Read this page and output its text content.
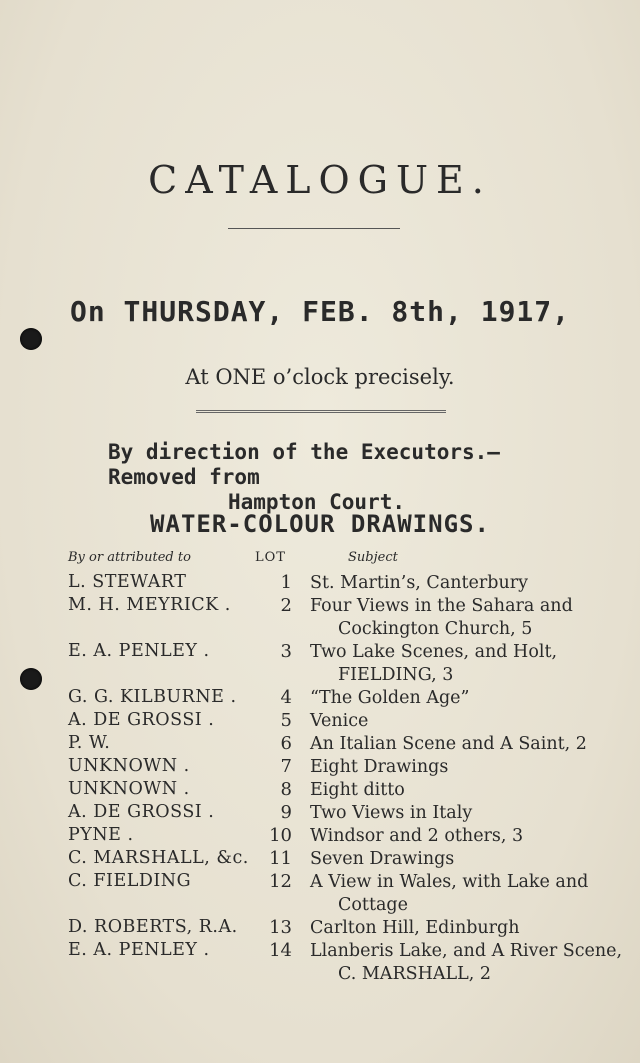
CATALOGUE.
On THURSDAY, FEB. 8th, 1917,
At ONE o’clock precisely.
By direction of the Executors.—Removed from
Hampton Court.
WATER-COLOUR DRAWINGS.
By or attributed to	LOT	Subject
L. STEWART	1 St. Martin’s, Canterbury
M. H. MEYRICK .	2 Four Views in the Sahara and
Cockington Church, 5
E. A. PENLEY .	3 Two Lake Scenes, and Holt,
FIELDING, 3
G. G. KILBURNE .	4 “The Golden Age”
A. DE GROSSI .	5 Venice
P. W.	6 An Italian Scene and A Saint, 2
UNKNOWN .	7 Eight Drawings
UNKNOWN .	8 Eight ditto
A. DE GROSSI .	9 Two Views in Italy
PYNE .	10 Windsor and 2 others, 3
C. MARSHALL, &c.	11 Seven Drawings
C. FIELDING	12 A View in Wales, with Lake and
Cottage
D. ROBERTS, R.A.	13 Carlton Hill, Edinburgh
E. A. PENLEY .	14 Llanberis Lake, and A River Scene,
C. MARSHALL, 2
